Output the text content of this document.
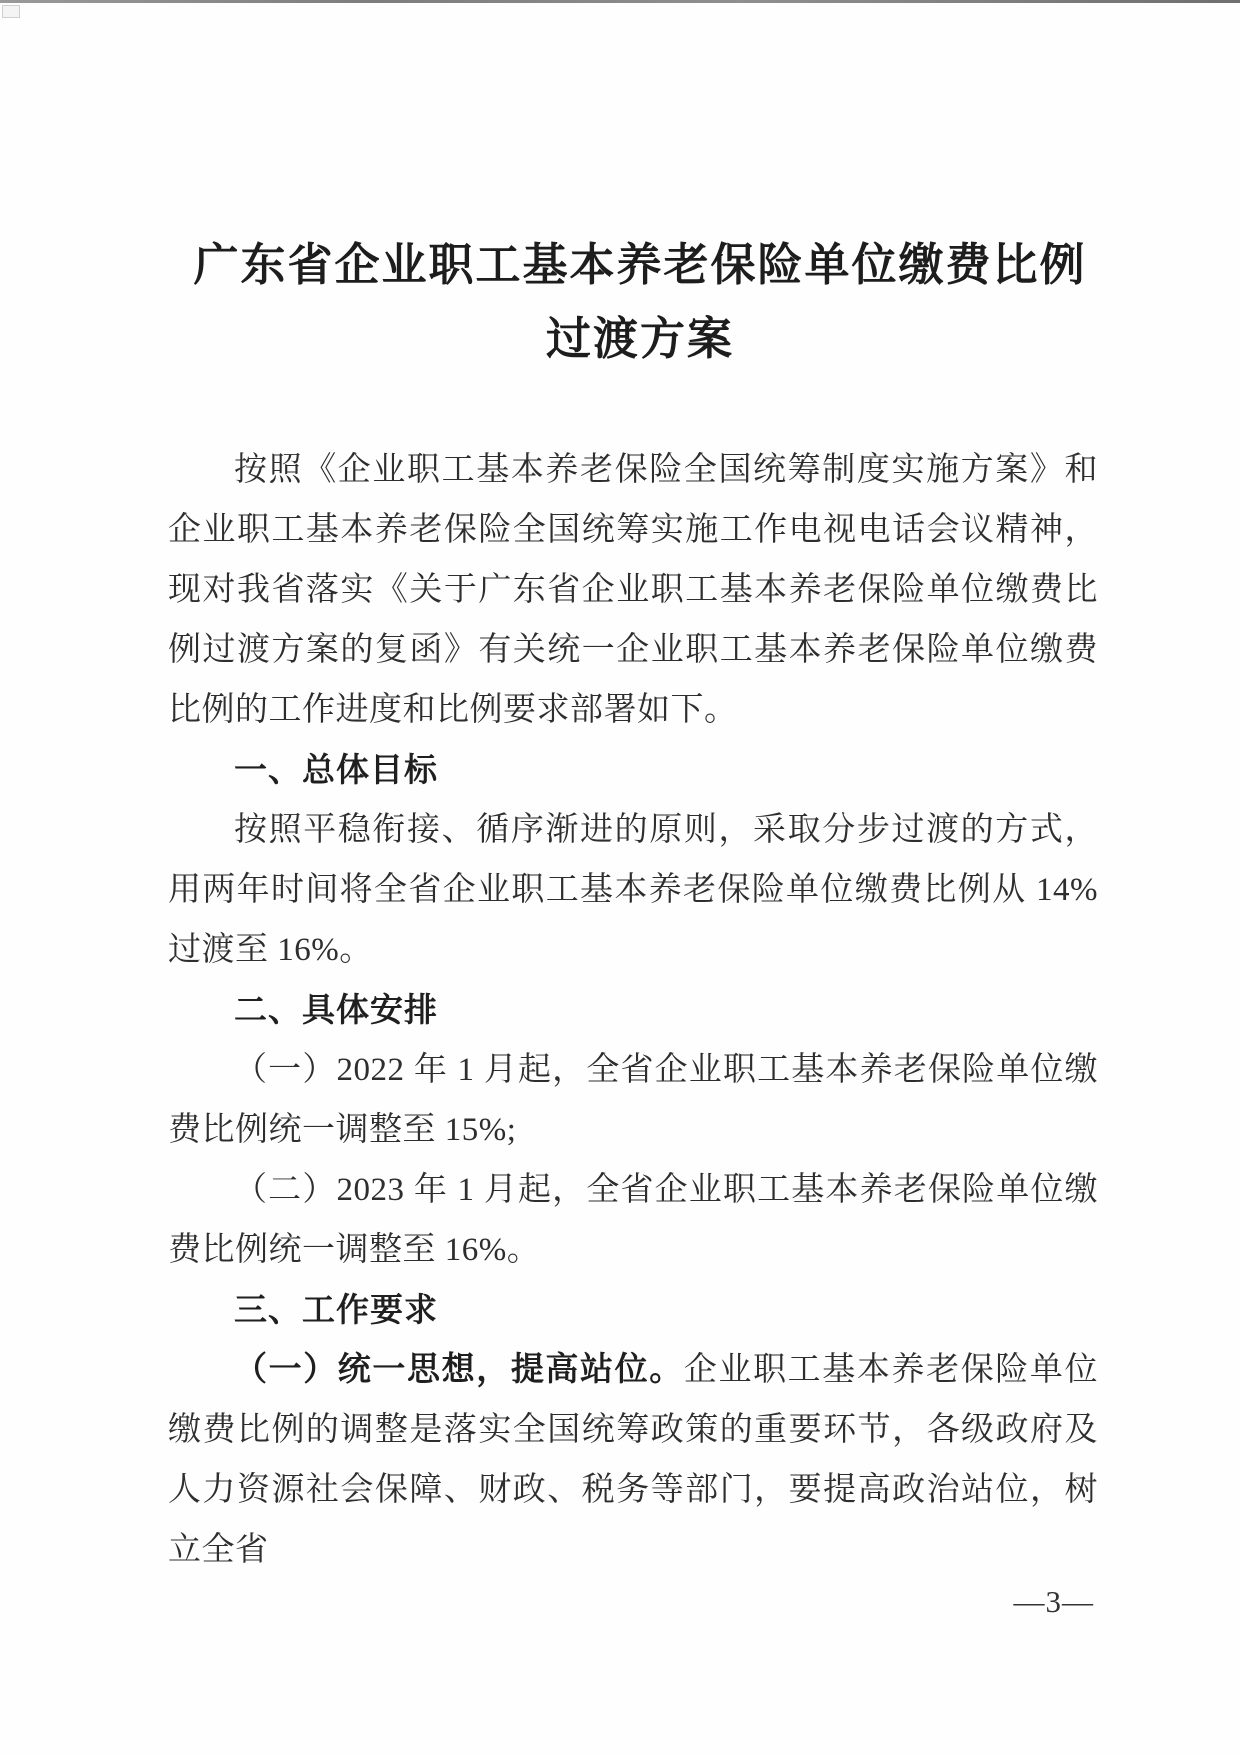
广东省企业职工基本养老保险单位缴费比例
过渡方案

按照《企业职工基本养老保险全国统筹制度实施方案》和企业职工基本养老保险全国统筹实施工作电视电话会议精神，现对我省落实《关于广东省企业职工基本养老保险单位缴费比例过渡方案的复函》有关统一企业职工基本养老保险单位缴费比例的工作进度和比例要求部署如下。

一、总体目标

按照平稳衔接、循序渐进的原则，采取分步过渡的方式，用两年时间将全省企业职工基本养老保险单位缴费比例从 14%过渡至 16%。

二、具体安排

（一）2022 年 1 月起，全省企业职工基本养老保险单位缴费比例统一调整至 15%;

（二）2023 年 1 月起，全省企业职工基本养老保险单位缴费比例统一调整至 16%。

三、工作要求

（一）统一思想，提高站位。企业职工基本养老保险单位缴费比例的调整是落实全国统筹政策的重要环节，各级政府及人力资源社会保障、财政、税务等部门，要提高政治站位，树立全省

—3—
